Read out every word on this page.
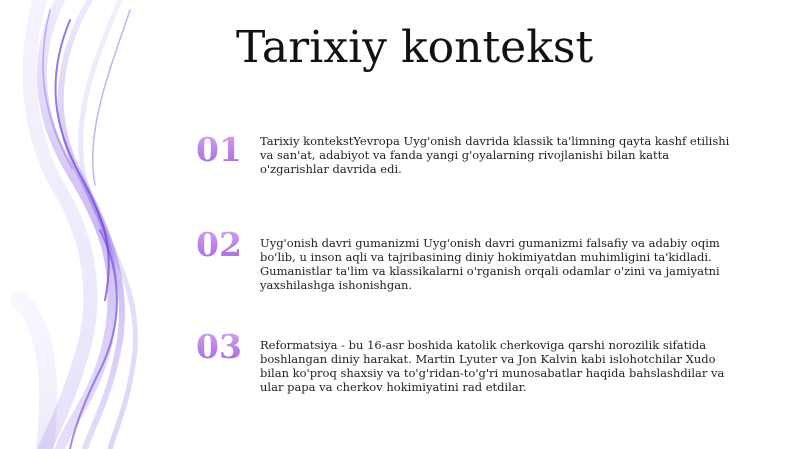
Tarixiy kontekst
01	Tarixiy kontekstYevropa Uyg'onish davrida klassik ta'limning qayta kashf etilishi va san'at, adabiyot va fanda yangi g'oyalarning rivojlanishi bilan katta o'zgarishlar davrida edi.
02	Uyg'onish davri gumanizmi Uyg'onish davri gumanizmi falsafiy va adabiy oqim bo'lib, u inson aqli va tajribasining diniy hokimiyatdan muhimligini ta'kidladi. Gumanistlar ta'lim va klassikalarni o'rganish orqali odamlar o'zini va jamiyatni yaxshilashga ishonishgan.
03	Reformatsiya - bu 16-asr boshida katolik cherkoviga qarshi norozilik sifatida boshlangan diniy harakat. Martin Lyuter va Jon Kalvin kabi islohotchilar Xudo bilan ko'proq shaxsiy va to'g'ridan-to'g'ri munosabatlar haqida bahslashdilar va ular papa va cherkov hokimiyatini rad etdilar.
